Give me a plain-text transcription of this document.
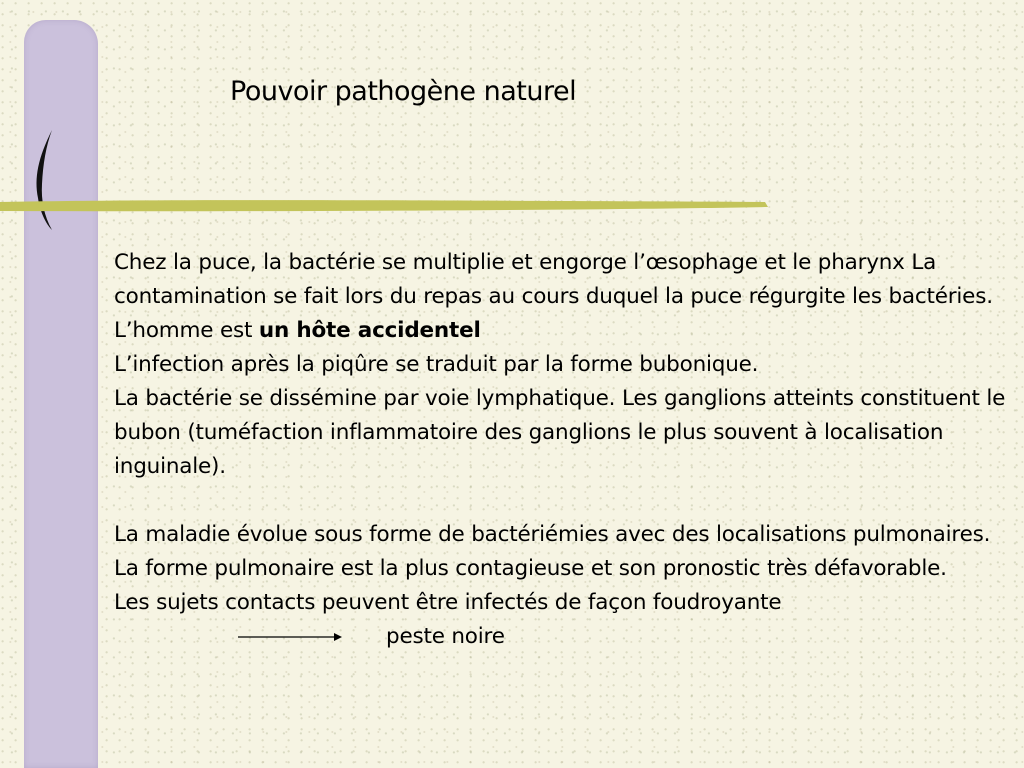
Pouvoir pathogène naturel

Chez la puce, la bactérie se multiplie et engorge l’œsophage et le pharynx La contamination se fait lors du repas au cours duquel la puce régurgite les bactéries.

L’homme est un hôte accidentel

L’infection après la piqûre se traduit par la forme bubonique.

La bactérie se dissémine par voie lymphatique. Les ganglions atteints constituent le bubon (tuméfaction inflammatoire des ganglions le plus souvent à localisation inguinale).

La maladie évolue sous forme de bactériémies avec des localisations pulmonaires.

La forme pulmonaire est la plus contagieuse et son pronostic très défavorable.

Les sujets contacts peuvent être infectés de façon foudroyante

peste noire
